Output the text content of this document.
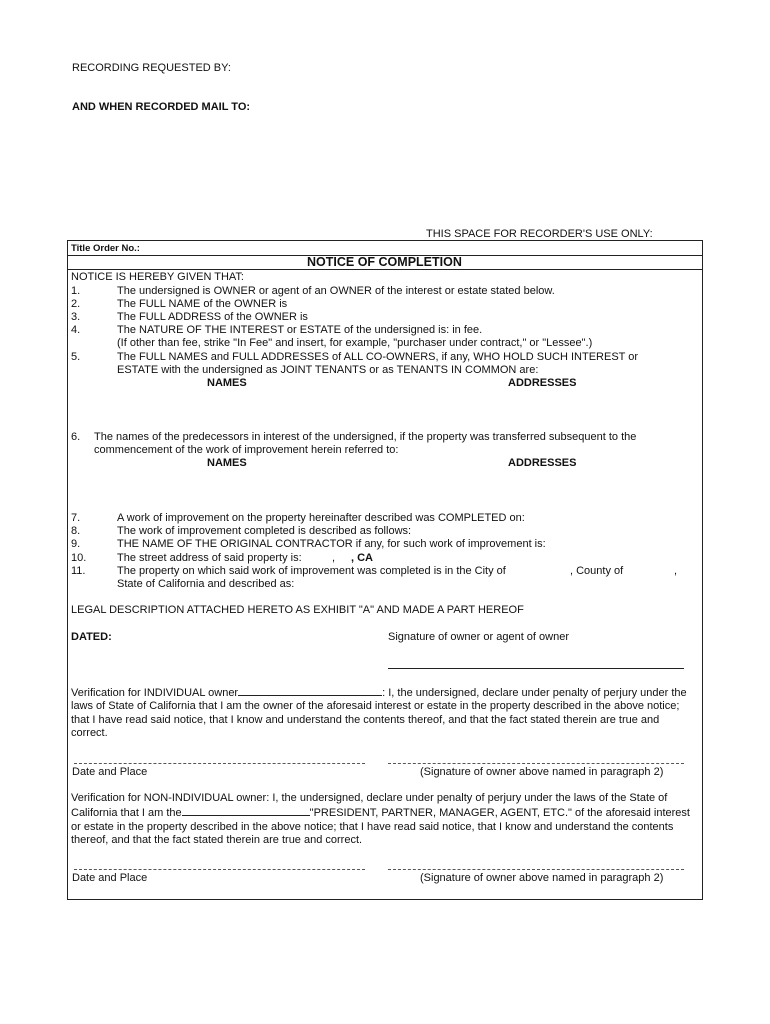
RECORDING REQUESTED BY:
AND WHEN RECORDED MAIL TO:
THIS SPACE FOR RECORDER'S USE ONLY:
Title Order No.:
NOTICE OF COMPLETION
NOTICE IS HEREBY GIVEN THAT:
1.	The undersigned is OWNER or agent of an OWNER of the interest or estate stated below.
2.	The FULL NAME of the OWNER is
3.	The FULL ADDRESS of the OWNER is
4.	The NATURE OF THE INTEREST or ESTATE of the undersigned is: in fee.
(If other than fee, strike "In Fee" and insert, for example, "purchaser under contract," or "Lessee".)
5.	The FULL NAMES and FULL ADDRESSES of ALL CO-OWNERS, if any, WHO HOLD SUCH INTEREST or
ESTATE with the undersigned as JOINT TENANTS or as TENANTS IN COMMON are:
NAMES	ADDRESSES
6. The names of the predecessors in interest of the undersigned, if the property was transferred subsequent to the
commencement of the work of improvement herein referred to:
NAMES	ADDRESSES
7.	A work of improvement on the property hereinafter described was COMPLETED on:
8.	The work of improvement completed is described as follows:
9.	THE NAME OF THE ORIGINAL CONTRACTOR if any, for such work of improvement is:
10.	The street address of said property is:	, , CA
11.	The property on which said work of improvement was completed is in the City of	, County of	,
State of California and described as:
LEGAL DESCRIPTION ATTACHED HERETO AS EXHIBIT "A" AND MADE A PART HEREOF
DATED:	Signature of owner or agent of owner
Verification for INDIVIDUAL owner	: I, the undersigned, declare under penalty of perjury under the laws of State of California that I am the owner of the aforesaid interest or estate in the property described in the above notice; that I have read said notice, that I know and understand the contents thereof, and that the fact stated therein are true and correct.
Date and Place	(Signature of owner above named in paragraph 2)
Verification for NON-INDIVIDUAL owner: I, the undersigned, declare under penalty of perjury under the laws of the State of California that I am the	"PRESIDENT, PARTNER, MANAGER, AGENT, ETC." of the aforesaid interest or estate in the property described in the above notice; that I have read said notice, that I know and understand the contents thereof, and that the fact stated therein are true and correct.
Date and Place	(Signature of owner above named in paragraph 2)
